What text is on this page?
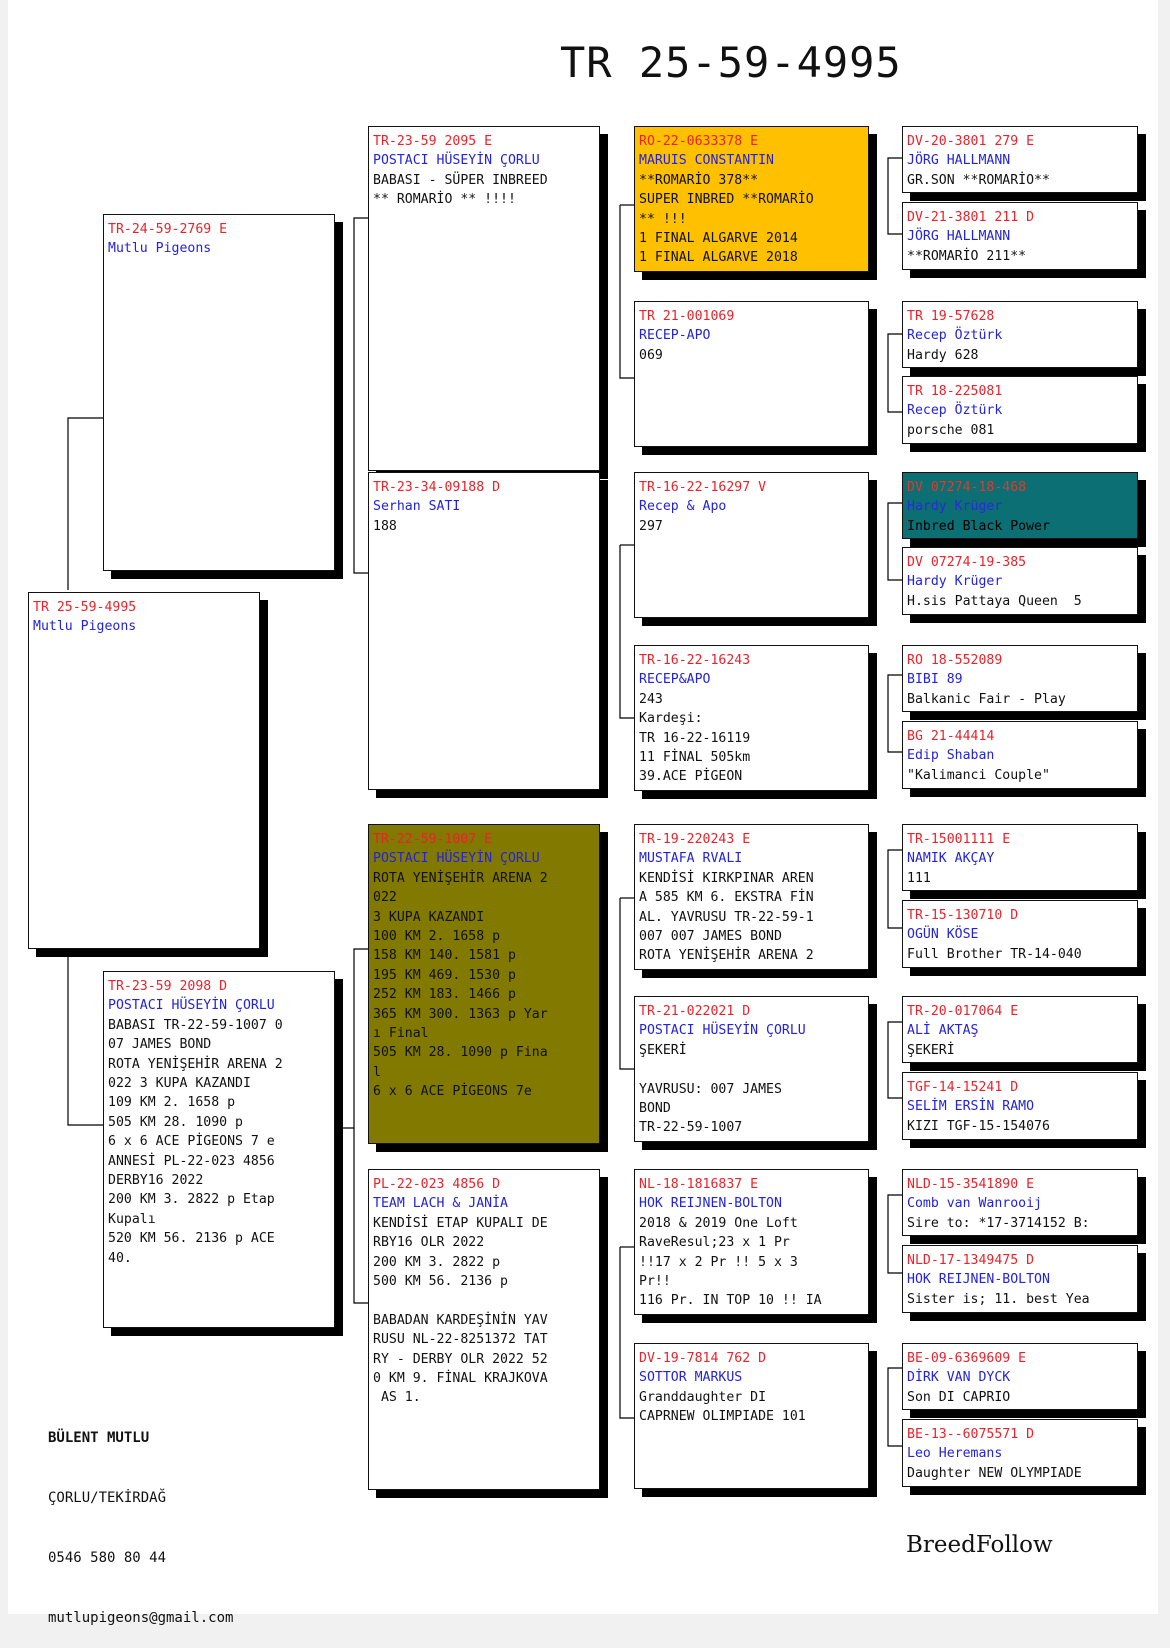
TR 25-59-4995
TR 25-59-4995
Mutlu Pigeons
TR-24-59-2769 E
Mutlu Pigeons
TR-23-59 2098 D
POSTACI HÜSEYİN ÇORLU
BABASI TR-22-59-1007 0
07 JAMES BOND
ROTA YENİŞEHİR ARENA 2
022 3 KUPA KAZANDI
109 KM 2. 1658 p
505 KM 28. 1090 p
6 x 6 ACE PİGEONS 7 e
ANNESİ PL-22-023 4856
DERBY16 2022
200 KM 3. 2822 p Etap
Kupalı
520 KM 56. 2136 p ACE
40.
TR-23-59 2095 E
POSTACI HÜSEYİN ÇORLU
BABASI - SÜPER INBREED
** ROMARİO ** !!!!
TR-23-34-09188 D
Serhan SATI
188
TR-22-59-1007 E
POSTACI HÜSEYİN ÇORLU
ROTA YENİŞEHİR ARENA 2
022
3 KUPA KAZANDI
100 KM 2. 1658 p
158 KM 140. 1581 p
195 KM 469. 1530 p
252 KM 183. 1466 p
365 KM 300. 1363 p Yar
ı Final
505 KM 28. 1090 p Fina
l
6 x 6 ACE PİGEONS 7e
PL-22-023 4856 D
TEAM LACH & JANİA
KENDİSİ ETAP KUPALI DE
RBY16 OLR 2022
200 KM 3. 2822 p
500 KM 56. 2136 p

BABADAN KARDEŞİNİN YAV
RUSU NL-22-8251372 TAT
RY - DERBY OLR 2022 52
0 KM 9. FİNAL KRAJKOVA
AS 1.
RO-22-0633378 E
MARUIS CONSTANTIN
**ROMARİO 378**
SUPER INBRED **ROMARİO
** !!!
1 FINAL ALGARVE 2014
1 FINAL ALGARVE 2018
TR 21-001069
RECEP-APO
069
TR-16-22-16297 V
Recep & Apo
297
TR-16-22-16243
RECEP&APO
243
Kardeşi:
TR 16-22-16119
11 FİNAL 505km
39.ACE PİGEON
TR-19-220243 E
MUSTAFA RVALI
KENDİSİ KIRKPINAR AREN
A 585 KM 6. EKSTRA FİN
AL. YAVRUSU TR-22-59-1
007 007 JAMES BOND
ROTA YENİŞEHİR ARENA 2
TR-21-022021 D
POSTACI HÜSEYİN ÇORLU
ŞEKERİ

YAVRUSU: 007 JAMES
BOND
TR-22-59-1007
NL-18-1816837 E
HOK REIJNEN-BOLTON
2018 & 2019 One Loft
RaveResul;23 x 1 Pr
!!17 x 2 Pr !! 5 x 3
Pr!!
116 Pr. IN TOP 10 !! IA
DV-19-7814 762 D
SOTTOR MARKUS
Granddaughter DI
CAPRNEW OLIMPIADE 101
DV-20-3801 279 E
JÖRG HALLMANN
GR.SON **ROMARİO**
DV-21-3801 211 D
JÖRG HALLMANN
**ROMARİO 211**
TR 19-57628
Recep Öztürk
Hardy 628
TR 18-225081
Recep Öztürk
porsche 081
DV 07274-18-468
Hardy Krüger
Inbred Black Power
DV 07274-19-385
Hardy Krüger
H.sis Pattaya Queen  5
RO 18-552089
BIBI 89
Balkanic Fair - Play
BG 21-44414
Edip Shaban
"Kalimanci Couple"
TR-15001111 E
NAMIK AKÇAY
111
TR-15-130710 D
OGÜN KÖSE
Full Brother TR-14-040
TR-20-017064 E
ALİ AKTAŞ
ŞEKERİ
TGF-14-15241 D
SELİM ERSİN RAMO
KIZI TGF-15-154076
NLD-15-3541890 E
Comb van Wanrooij
Sire to: *17-3714152 B:
NLD-17-1349475 D
HOK REIJNEN-BOLTON
Sister is; 11. best Yea
BE-09-6369609 E
DİRK VAN DYCK
Son DI CAPRIO
BE-13--6075571 D
Leo Heremans
Daughter NEW OLYMPIADE

BÜLENT MUTLU

ÇORLU/TEKİRDAĞ

0546 580 80 44

mutlupigeons@gmail.com

BreedFollow
